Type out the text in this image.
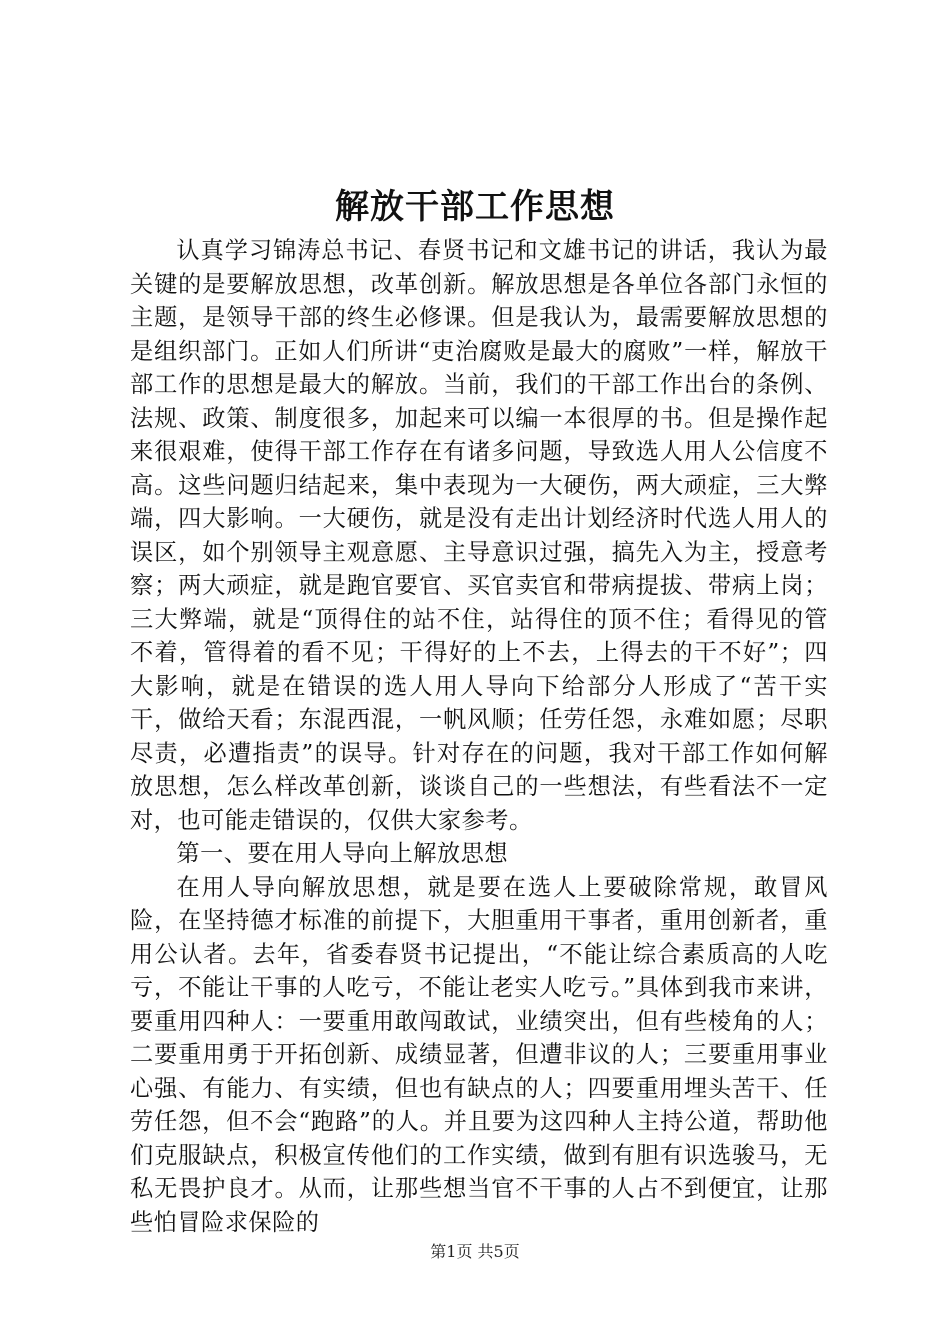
解放干部工作思想

认真学习锦涛总书记、春贤书记和文雄书记的讲话，我认为最关键的是要解放思想，改革创新。解放思想是各单位各部门永恒的主题，是领导干部的终生必修课。但是我认为，最需要解放思想的是组织部门。正如人们所讲“吏治腐败是最大的腐败”一样，解放干部工作的思想是最大的解放。当前，我们的干部工作出台的条例、法规、政策、制度很多，加起来可以编一本很厚的书。但是操作起来很艰难，使得干部工作存在有诸多问题，导致选人用人公信度不高。这些问题归结起来，集中表现为一大硬伤，两大顽症，三大弊端，四大影响。一大硬伤，就是没有走出计划经济时代选人用人的误区，如个别领导主观意愿、主导意识过强，搞先入为主，授意考察；两大顽症，就是跑官要官、买官卖官和带病提拔、带病上岗；三大弊端，就是“顶得住的站不住，站得住的顶不住；看得见的管不着，管得着的看不见；干得好的上不去，上得去的干不好”；四大影响，就是在错误的选人用人导向下给部分人形成了“苦干实干，做给天看；东混西混，一帆风顺；任劳任怨，永难如愿；尽职尽责，必遭指责”的误导。针对存在的问题，我对干部工作如何解放思想，怎么样改革创新，谈谈自己的一些想法，有些看法不一定对，也可能走错误的，仅供大家参考。

第一、要在用人导向上解放思想

在用人导向解放思想，就是要在选人上要破除常规，敢冒风险，在坚持德才标准的前提下，大胆重用干事者，重用创新者，重用公认者。去年，省委春贤书记提出，“不能让综合素质高的人吃亏，不能让干事的人吃亏，不能让老实人吃亏。”具体到我市来讲，要重用四种人：一要重用敢闯敢试，业绩突出，但有些棱角的人；二要重用勇于开拓创新、成绩显著，但遭非议的人；三要重用事业心强、有能力、有实绩，但也有缺点的人；四要重用埋头苦干、任劳任怨，但不会“跑路”的人。并且要为这四种人主持公道，帮助他们克服缺点，积极宣传他们的工作实绩，做到有胆有识选骏马，无私无畏护良才。从而，让那些想当官不干事的人占不到便宜，让那些怕冒险求保险的

第1页 共5页
